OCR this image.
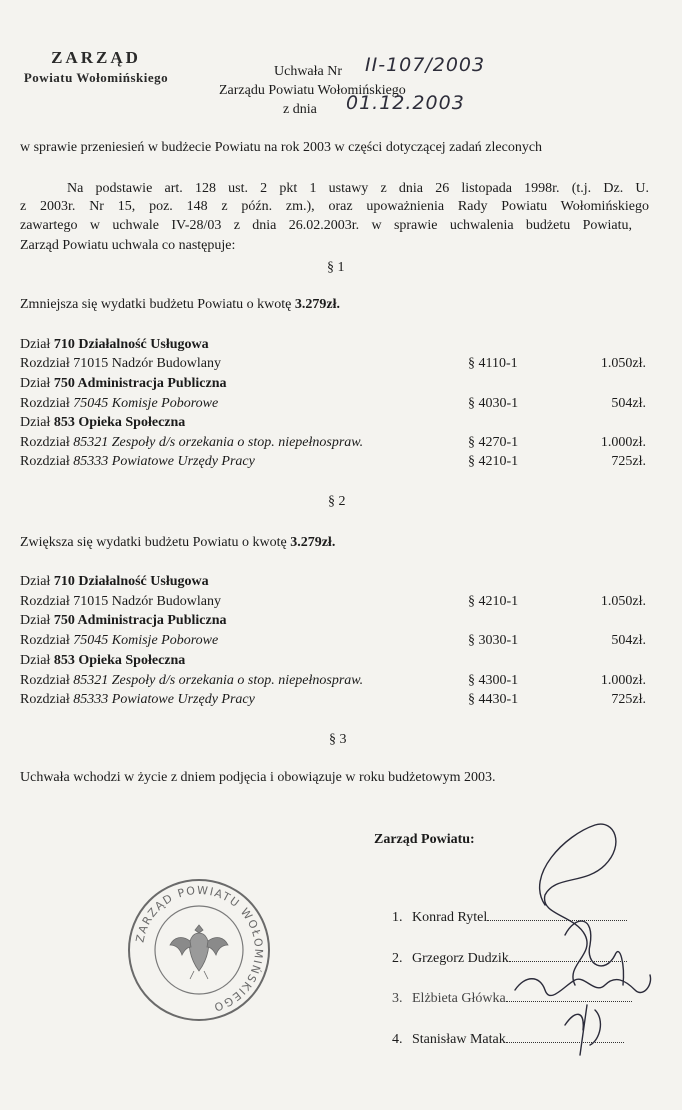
ZARZĄD
Powiatu Wołomińskiego	Uchwała Nr II-107/2003
Zarządu Powiatu Wołomińskiego
z dnia 01.12.2003
w sprawie przeniesień w budżecie Powiatu na rok 2003 w części dotyczącej zadań zleconych
Na podstawie art. 128 ust. 2 pkt 1 ustawy z dnia 26 listopada 1998r. (t.j. Dz. U.
z 2003r. Nr 15, poz. 148 z późn. zm.), oraz upoważnienia Rady Powiatu Wołomińskiego
zawartego w uchwale IV-28/03 z dnia 26.02.2003r. w sprawie uchwalenia budżetu Powiatu,
Zarząd Powiatu uchwala co następuje:
§ 1
Zmniejsza się wydatki budżetu Powiatu o kwotę 3.279zł.
Dział 710 Działalność Usługowa
Rozdział 71015 Nadzór Budowlany	§ 4110-1	1.050zł.
Dział 750 Administracja Publiczna
Rozdział 75045 Komisje Poborowe	§ 4030-1	504zł.
Dział 853 Opieka Społeczna
Rozdział 85321 Zespoły d/s orzekania o stop. niepełnospraw.	§ 4270-1	1.000zł.
Rozdział 85333 Powiatowe Urzędy Pracy	§ 4210-1	725zł.
§ 2
Zwiększa się wydatki budżetu Powiatu o kwotę 3.279zł.
Dział 710 Działalność Usługowa
Rozdział 71015 Nadzór Budowlany	§ 4210-1	1.050zł.
Dział 750 Administracja Publiczna
Rozdział 75045 Komisje Poborowe	§ 3030-1	504zł.
Dział 853 Opieka Społeczna
Rozdział 85321 Zespoły d/s orzekania o stop. niepełnospraw.	§ 4300-1	1.000zł.
Rozdział 85333 Powiatowe Urzędy Pracy	§ 4430-1	725zł.
§ 3
Uchwała wchodzi w życie z dniem podjęcia i obowiązuje w roku budżetowym 2003.
Zarząd Powiatu:
1. Konrad Rytel
2. Grzegorz Dudzik
3. Elżbieta Główka
4. Stanisław Matak
ZARZĄD POWIATU WOŁOMIŃSKIEGO
